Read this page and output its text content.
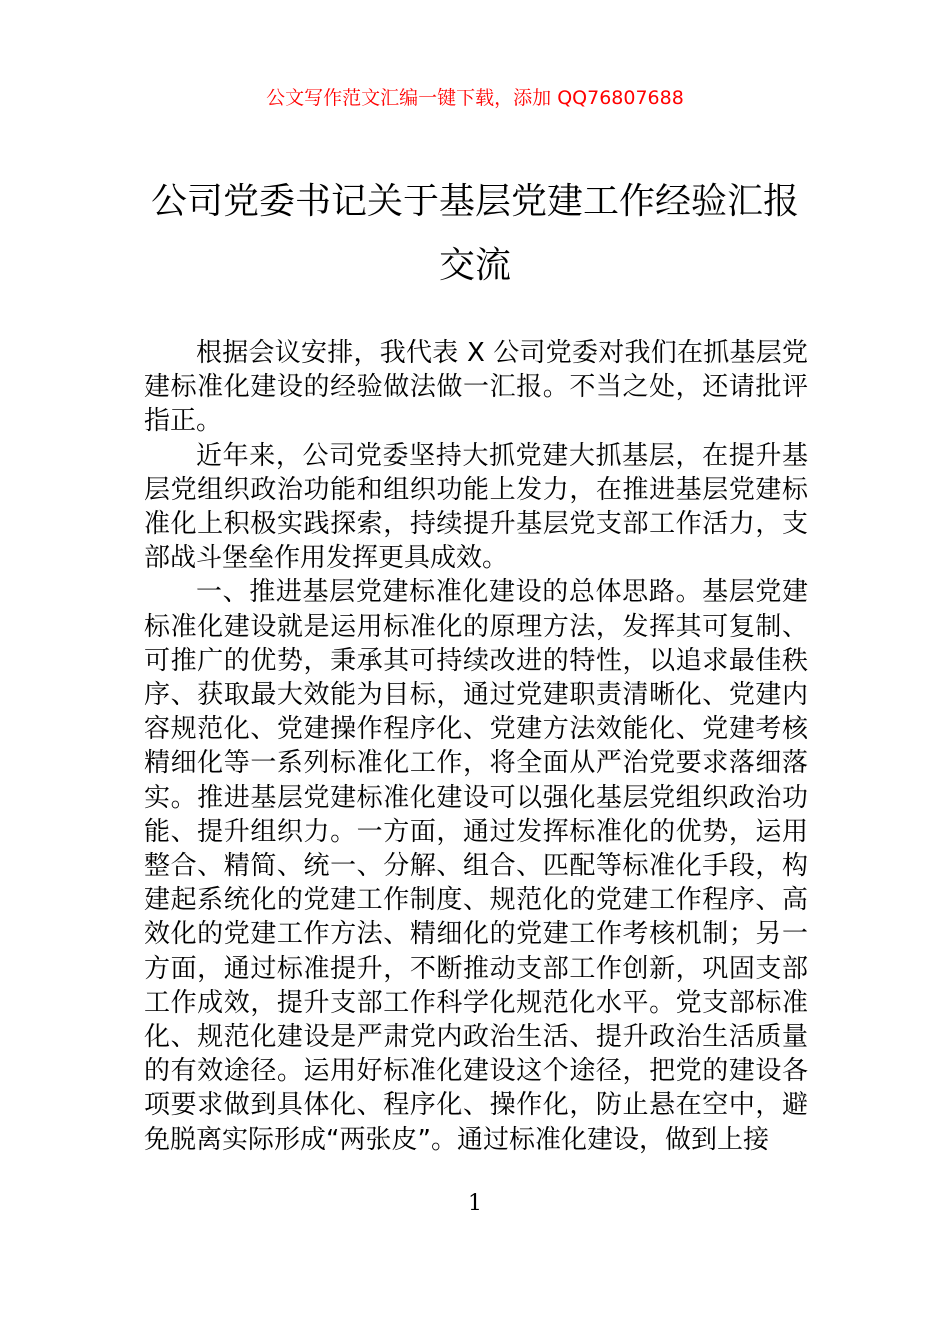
公文写作范文汇编一键下载，添加 QQ76807688
公司党委书记关于基层党建工作经验汇报
交流

根据会议安排，我代表 X 公司党委对我们在抓基层党建标准化建设的经验做法做一汇报。不当之处，还请批评指正。

近年来，公司党委坚持大抓党建大抓基层，在提升基层党组织政治功能和组织功能上发力，在推进基层党建标准化上积极实践探索，持续提升基层党支部工作活力，支部战斗堡垒作用发挥更具成效。

一、推进基层党建标准化建设的总体思路。基层党建标准化建设就是运用标准化的原理方法，发挥其可复制、可推广的优势，秉承其可持续改进的特性，以追求最佳秩序、获取最大效能为目标，通过党建职责清晰化、党建内容规范化、党建操作程序化、党建方法效能化、党建考核精细化等一系列标准化工作，将全面从严治党要求落细落实。推进基层党建标准化建设可以强化基层党组织政治功能、提升组织力。一方面，通过发挥标准化的优势，运用整合、精简、统一、分解、组合、匹配等标准化手段，构建起系统化的党建工作制度、规范化的党建工作程序、高效化的党建工作方法、精细化的党建工作考核机制；另一方面，通过标准提升，不断推动支部工作创新，巩固支部工作成效，提升支部工作科学化规范化水平。党支部标准化、规范化建设是严肃党内政治生活、提升政治生活质量的有效途径。运用好标准化建设这个途径，把党的建设各项要求做到具体化、程序化、操作化，防止悬在空中，避免脱离实际形成“两张皮”。通过标准化建设，做到上接

1
